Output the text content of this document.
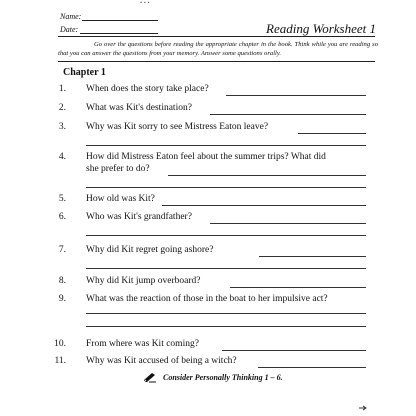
...
Name:
Date:	Reading Worksheet 1
Go over the questions before reading the appropriate chapter in the book. Think while you are reading so that you can answer the questions from your memory. Answer some questions orally.
Chapter 1
1. When does the story take place?
2. What was Kit's destination?
3. Why was Kit sorry to see Mistress Eaton leave?
4. How did Mistress Eaton feel about the summer trips? What did
she prefer to do?
5. How old was Kit?
6. Who was Kit's grandfather?
7. Why did Kit regret going ashore?
8. Why did Kit jump overboard?
9. What was the reaction of those in the boat to her impulsive act?
10. From where was Kit coming?
11. Why was Kit accused of being a witch?
Consider Personally Thinking 1 – 6.
